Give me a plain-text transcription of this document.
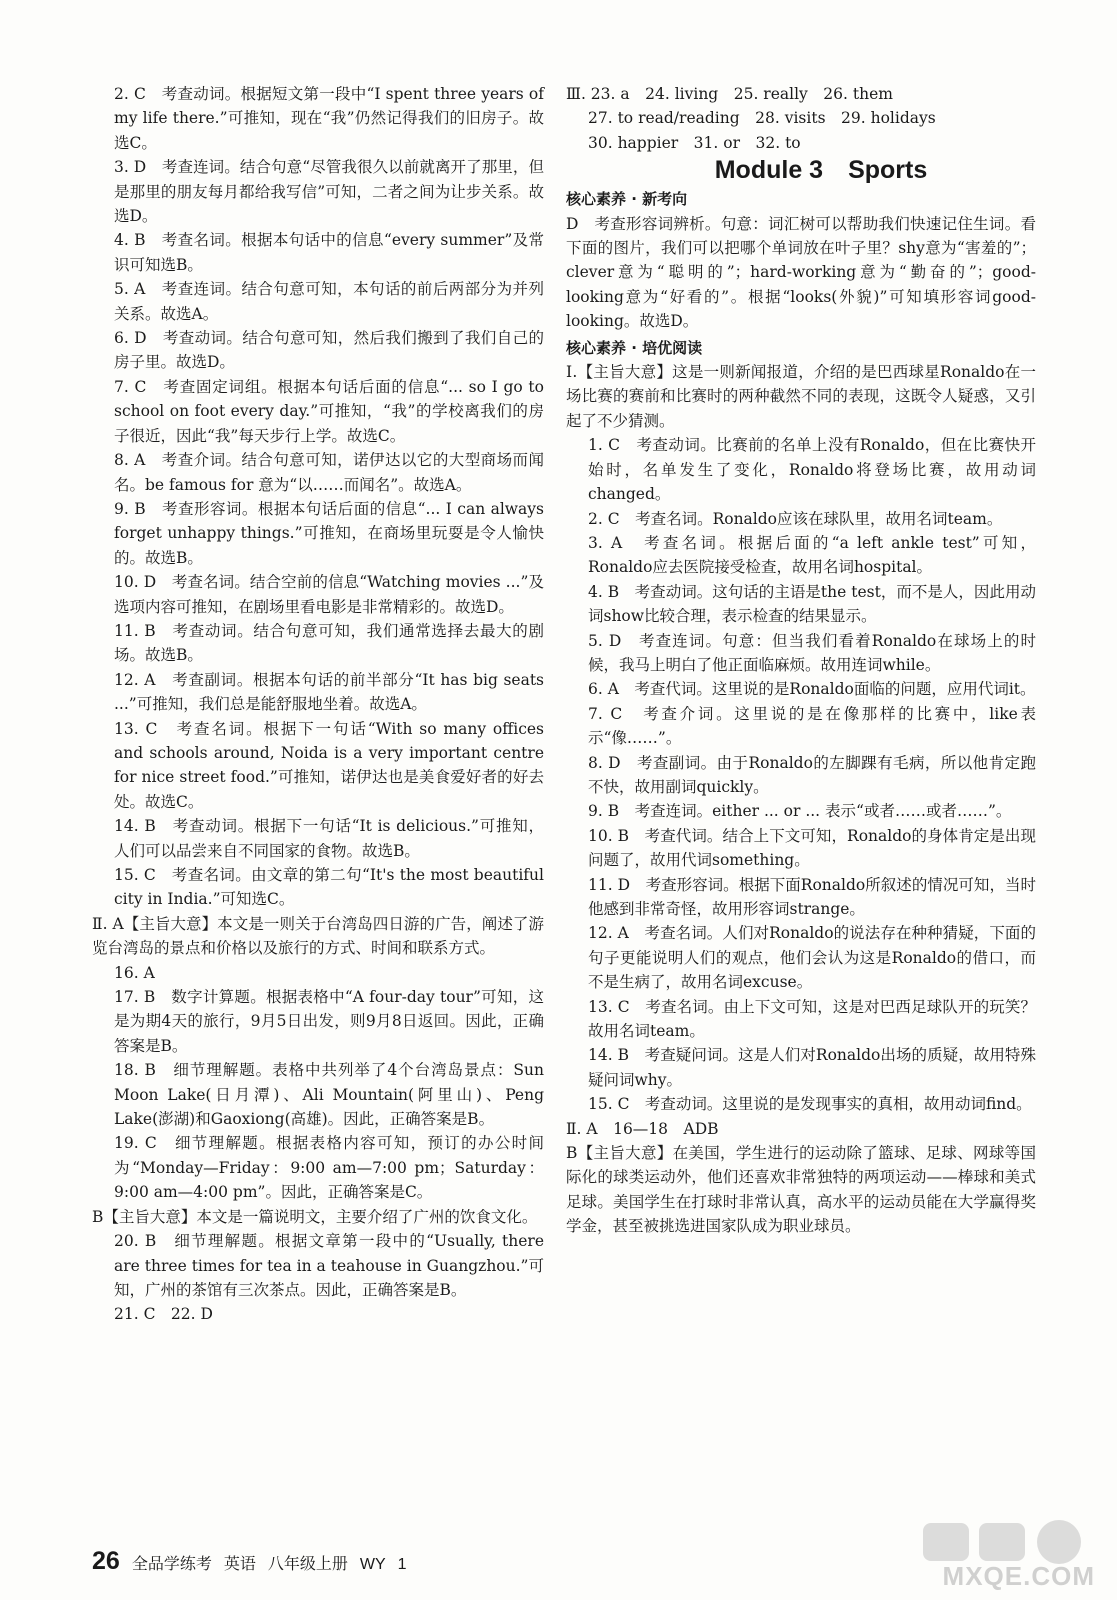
2. C　考查动词。根据短文第一段中“I spent three years of my life there.”可推知，现在“我”仍然记得我们的旧房子。故选C。

3. D　考查连词。结合句意“尽管我很久以前就离开了那里，但是那里的朋友每月都给我写信”可知，二者之间为让步关系。故选D。

4. B　考查名词。根据本句话中的信息“every summer”及常识可知选B。

5. A　考查连词。结合句意可知，本句话的前后两部分为并列关系。故选A。

6. D　考查动词。结合句意可知，然后我们搬到了我们自己的房子里。故选D。

7. C　考查固定词组。根据本句话后面的信息“... so I go to school on foot every day.”可推知，“我”的学校离我们的房子很近，因此“我”每天步行上学。故选C。

8. A　考查介词。结合句意可知，诺伊达以它的大型商场而闻名。be famous for 意为“以……而闻名”。故选A。

9. B　考查形容词。根据本句话后面的信息“... I can always forget unhappy things.”可推知，在商场里玩耍是令人愉快的。故选B。

10. D　考查名词。结合空前的信息“Watching movies ...”及选项内容可推知，在剧场里看电影是非常精彩的。故选D。

11. B　考查动词。结合句意可知，我们通常选择去最大的剧场。故选B。

12. A　考查副词。根据本句话的前半部分“It has big seats ...”可推知，我们总是能舒服地坐着。故选A。

13. C　考查名词。根据下一句话“With so many offices and schools around, Noida is a very important centre for nice street food.”可推知，诺伊达也是美食爱好者的好去处。故选C。

14. B　考查动词。根据下一句话“It is delicious.”可推知，人们可以品尝来自不同国家的食物。故选B。

15. C　考查名词。由文章的第二句“It's the most beautiful city in India.”可知选C。

Ⅱ. A【主旨大意】本文是一则关于台湾岛四日游的广告，阐述了游览台湾岛的景点和价格以及旅行的方式、时间和联系方式。

16. A

17. B　数字计算题。根据表格中“A four-day tour”可知，这是为期4天的旅行，9月5日出发，则9月8日返回。因此，正确答案是B。

18. B　细节理解题。表格中共列举了4个台湾岛景点：Sun Moon Lake(日月潭)、Ali Mountain(阿里山)、Peng Lake(澎湖)和Gaoxiong(高雄)。因此，正确答案是B。

19. C　细节理解题。根据表格内容可知，预订的办公时间为“Monday—Friday：9:00 am—7:00 pm；Saturday：9:00 am—4:00 pm”。因此，正确答案是C。

B【主旨大意】本文是一篇说明文，主要介绍了广州的饮食文化。

20. B　细节理解题。根据文章第一段中的“Usually, there are three times for tea in a teahouse in Guangzhou.”可知，广州的茶馆有三次茶点。因此，正确答案是B。

21. C　22. D

Ⅲ. 23. a　24. living　25. really　26. them

27. to read/reading　28. visits　29. holidays

30. happier　31. or　32. to

Module 3　Sports
核心素养 · 新考向

D　考查形容词辨析。句意：词汇树可以帮助我们快速记住生词。看下面的图片，我们可以把哪个单词放在叶子里？shy意为“害羞的”；clever意为“聪明的”；hard-working意为“勤奋的”；good-looking意为“好看的”。根据“looks(外貌)”可知填形容词good-looking。故选D。

核心素养 · 培优阅读

Ⅰ.【主旨大意】这是一则新闻报道，介绍的是巴西球星Ronaldo在一场比赛的赛前和比赛时的两种截然不同的表现，这既令人疑惑，又引起了不少猜测。

1. C　考查动词。比赛前的名单上没有Ronaldo，但在比赛快开始时，名单发生了变化，Ronaldo将登场比赛，故用动词changed。

2. C　考查名词。Ronaldo应该在球队里，故用名词team。

3. A　考查名词。根据后面的“a left ankle test”可知，Ronaldo应去医院接受检查，故用名词hospital。

4. B　考查动词。这句话的主语是the test，而不是人，因此用动词show比较合理，表示检查的结果显示。

5. D　考查连词。句意：但当我们看着Ronaldo在球场上的时候，我马上明白了他正面临麻烦。故用连词while。

6. A　考查代词。这里说的是Ronaldo面临的问题，应用代词it。

7. C　考查介词。这里说的是在像那样的比赛中，like表示“像……”。

8. D　考查副词。由于Ronaldo的左脚踝有毛病，所以他肯定跑不快，故用副词quickly。

9. B　考查连词。either ... or ... 表示“或者……或者……”。

10. B　考查代词。结合上下文可知，Ronaldo的身体肯定是出现问题了，故用代词something。

11. D　考查形容词。根据下面Ronaldo所叙述的情况可知，当时他感到非常奇怪，故用形容词strange。

12. A　考查名词。人们对Ronaldo的说法存在种种猜疑，下面的句子更能说明人们的观点，他们会认为这是Ronaldo的借口，而不是生病了，故用名词excuse。

13. C　考查名词。由上下文可知，这是对巴西足球队开的玩笑？故用名词team。

14. B　考查疑问词。这是人们对Ronaldo出场的质疑，故用特殊疑问词why。

15. C　考查动词。这里说的是发现事实的真相，故用动词find。

Ⅱ. A　16—18　ADB

B【主旨大意】在美国，学生进行的运动除了篮球、足球、网球等国际化的球类运动外，他们还喜欢非常独特的两项运动——棒球和美式足球。美国学生在打球时非常认真，高水平的运动员能在大学赢得奖学金，甚至被挑选进国家队成为职业球员。

26 全品学练考 英语 八年级上册 WY 1	MXQE.COM
